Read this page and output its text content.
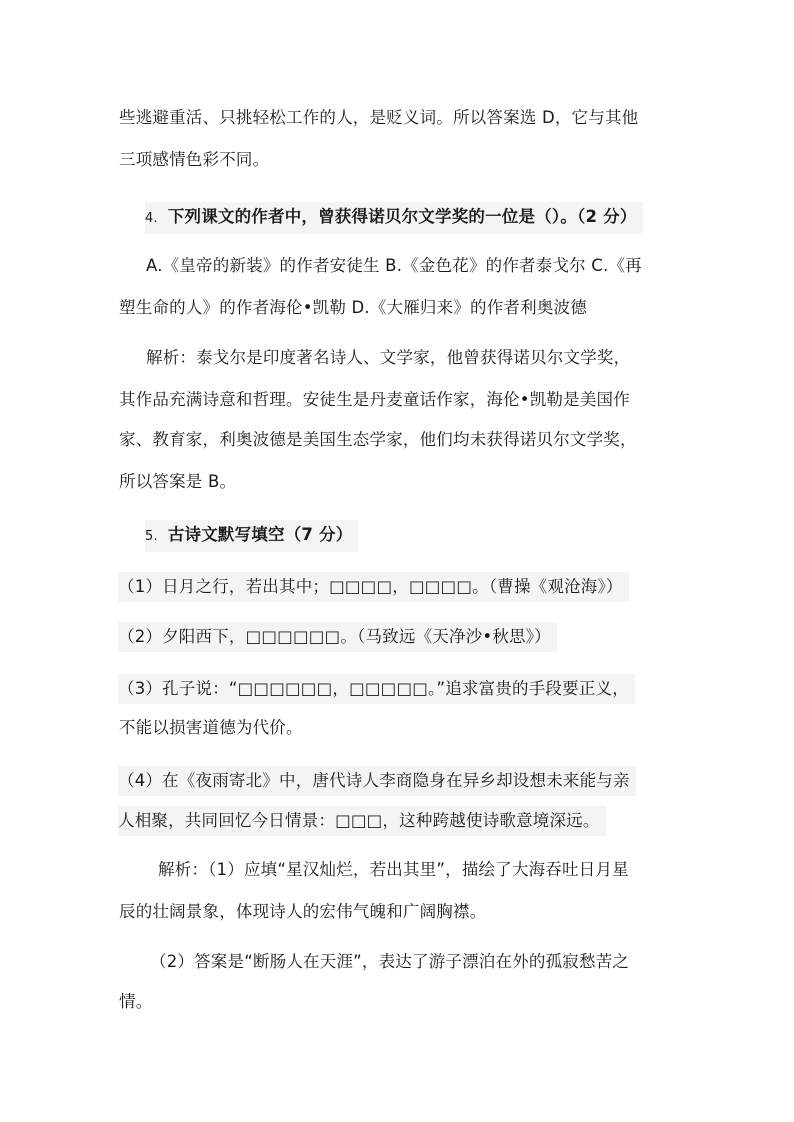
些逃避重活、只挑轻松工作的人，是贬义词。所以答案选 D，它与其他
三项感情色彩不同。
4. 下列课文的作者中，曾获得诺贝尔文学奖的一位是（）。（2 分）
A.《皇帝的新装》的作者安徒生 B.《金色花》的作者泰戈尔 C.《再
塑生命的人》的作者海伦•凯勒 D.《大雁归来》的作者利奥波德
解析：泰戈尔是印度著名诗人、文学家，他曾获得诺贝尔文学奖，
其作品充满诗意和哲理。安徒生是丹麦童话作家，海伦•凯勒是美国作
家、教育家，利奥波德是美国生态学家，他们均未获得诺贝尔文学奖，
所以答案是 B。
5. 古诗文默写填空（7 分）
（1）日月之行，若出其中；□□□□，□□□□。（曹操《观沧海》）
（2）夕阳西下，□□□□□□。（马致远《天净沙•秋思》）
（3）孔子说：“□□□□□□，□□□□□。”追求富贵的手段要正义，
不能以损害道德为代价。
（4）在《夜雨寄北》中，唐代诗人李商隐身在异乡却设想未来能与亲
人相聚，共同回忆今日情景：□□□，这种跨越使诗歌意境深远。
解析：（1）应填“星汉灿烂，若出其里”，描绘了大海吞吐日月星
辰的壮阔景象，体现诗人的宏伟气魄和广阔胸襟。
（2）答案是“断肠人在天涯”，表达了游子漂泊在外的孤寂愁苦之
情。
